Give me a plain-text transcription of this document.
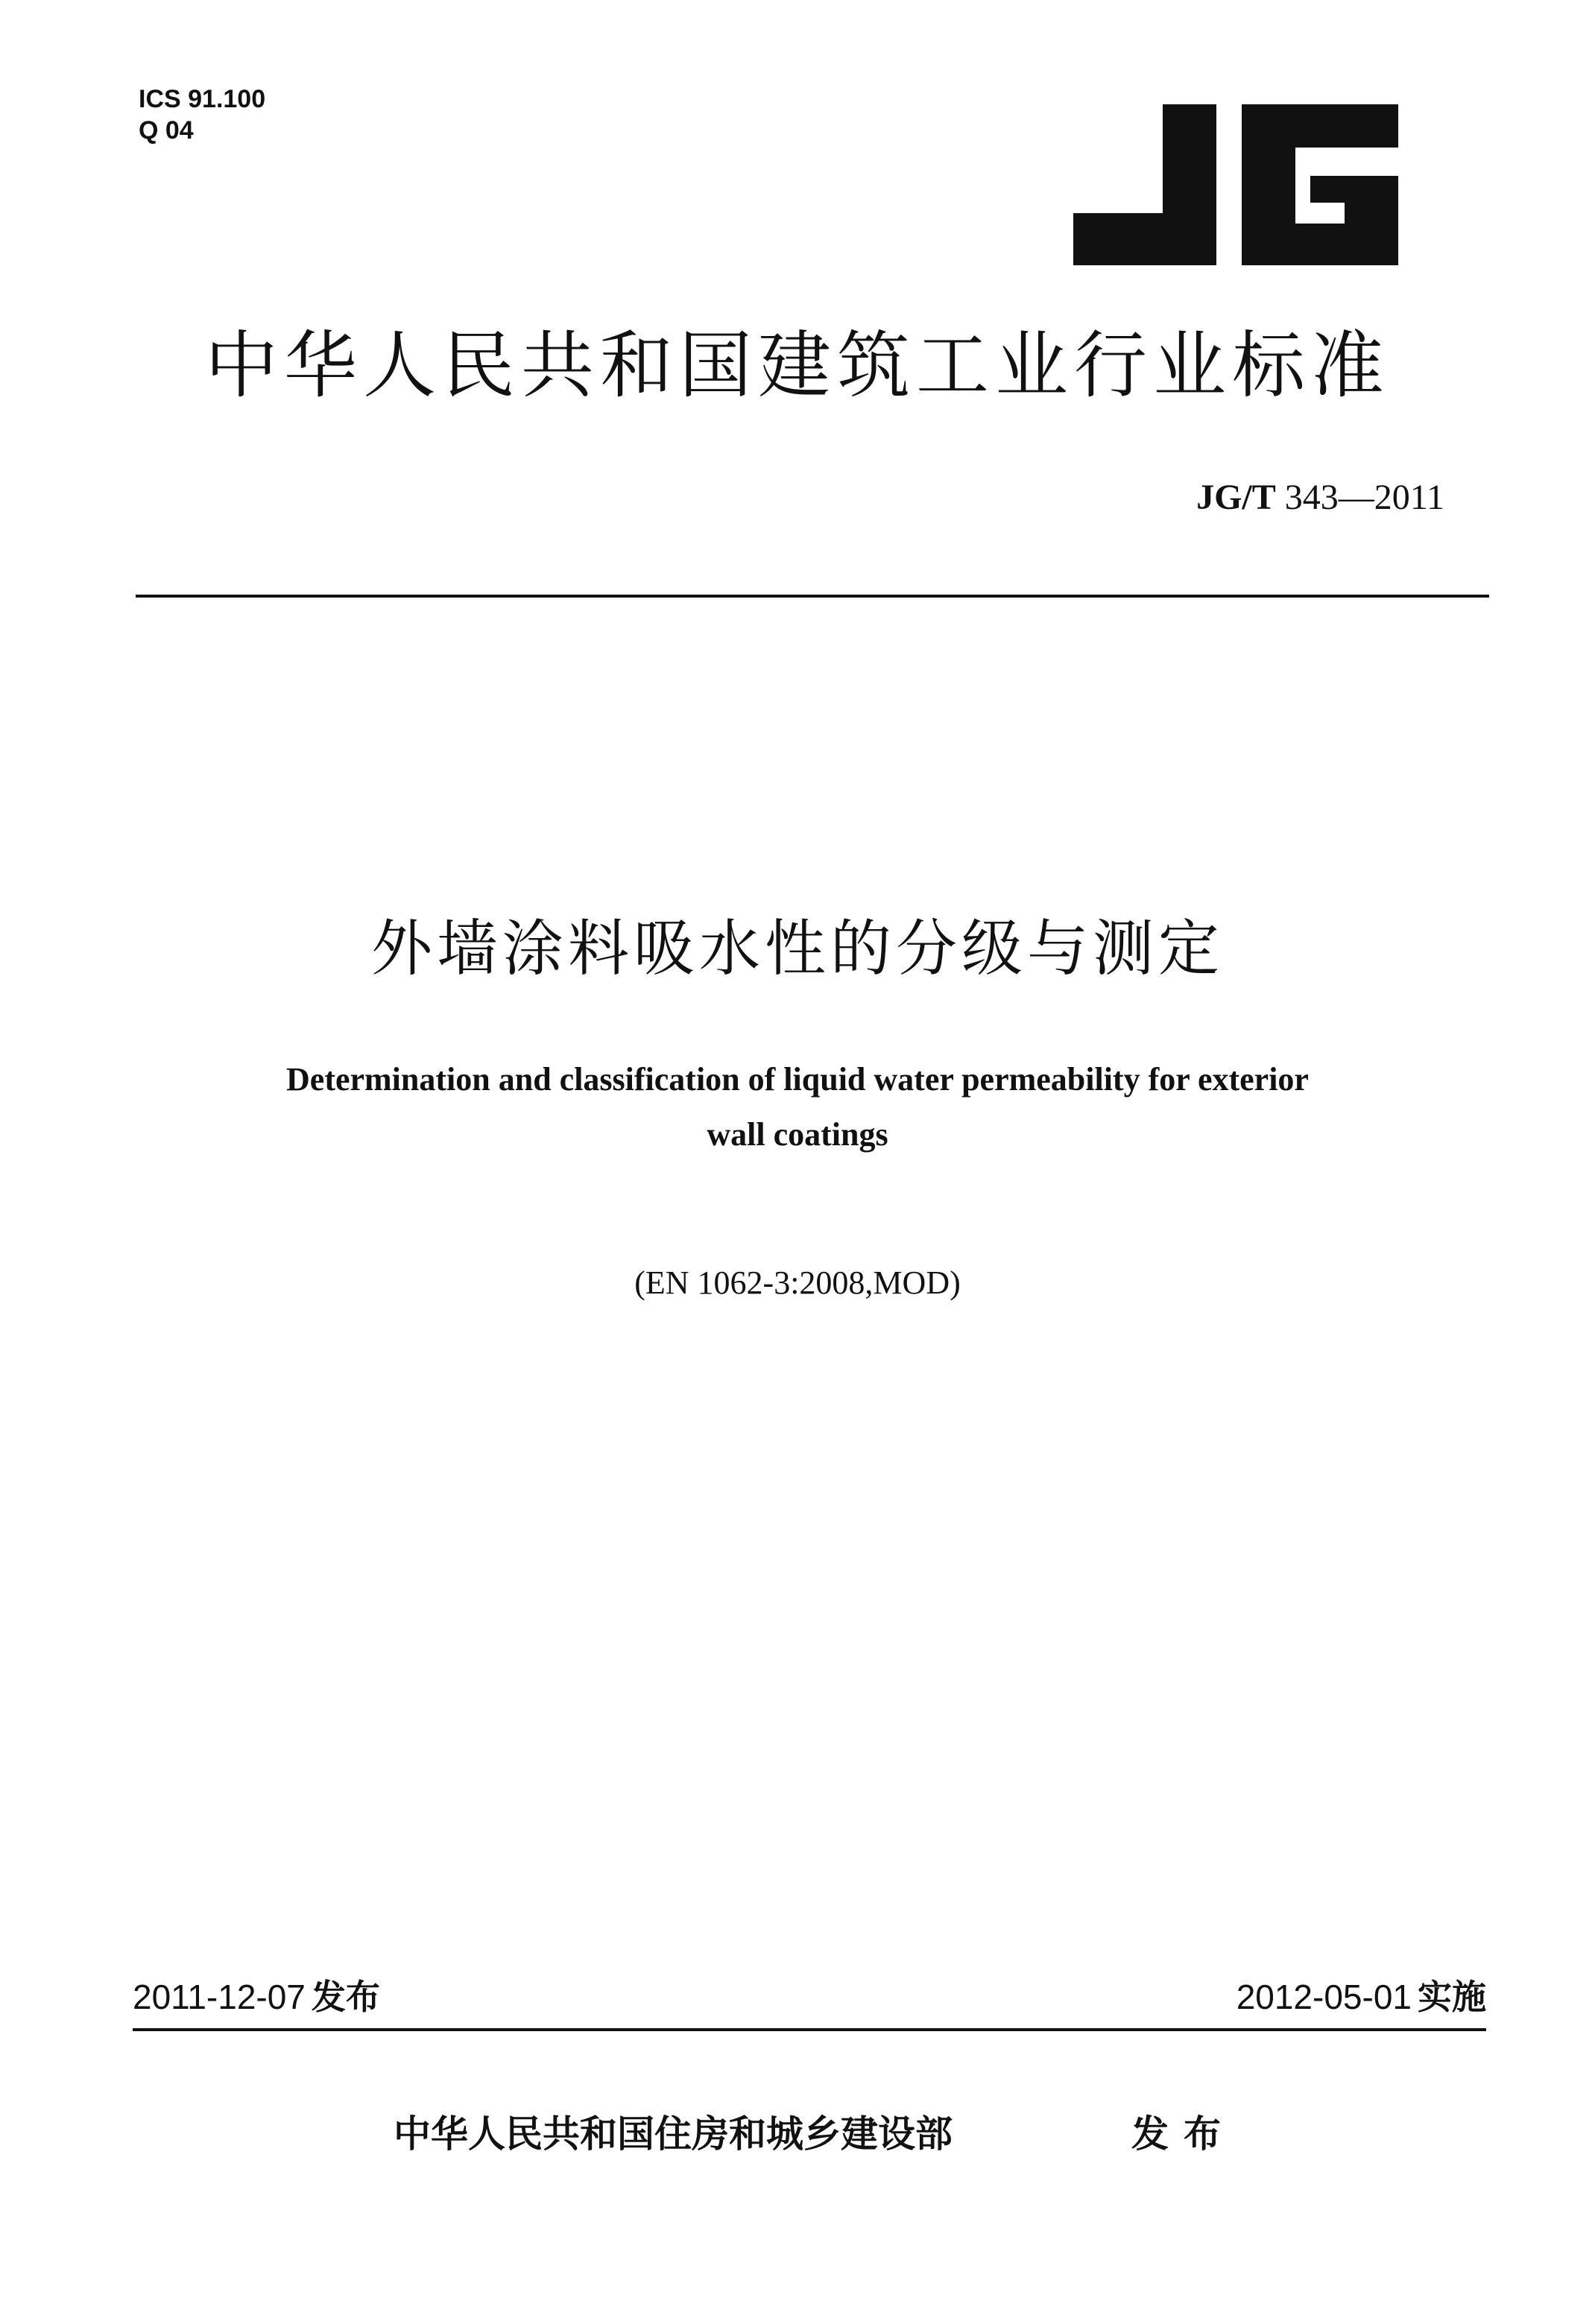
ICS 91.100
Q 04
中华人民共和国建筑工业行业标准
JG/T 343—2011
外墙涂料吸水性的分级与测定
Determination and classification of liquid water permeability for exterior
wall coatings
(EN 1062-3:2008,MOD)
2011-12-07 发布	2012-05-01 实施
中华人民共和国住房和城乡建设部	发布
